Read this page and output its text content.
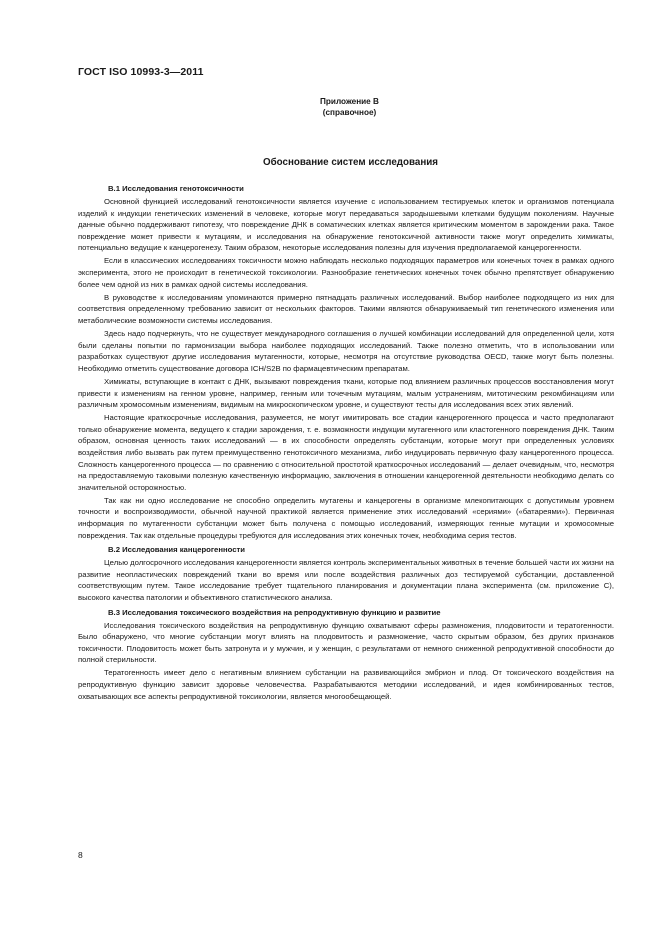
ГОСТ ISO 10993-3—2011
Приложение В
(справочное)
Обоснование систем исследования
В.1 Исследования генотоксичности

Основной функцией исследований генотоксичности является изучение с использованием тестируемых клеток и организмов потенциала изделий к индукции генетических изменений в человеке, которые могут передаваться зародышевыми клетками будущим поколениям. Научные данные обычно поддерживают гипотезу, что повреждение ДНК в соматических клетках является критическим моментом в зарождении рака. Такое повреждение может привести к мутациям, и исследования на обнаружение генотоксичной активности также могут определить химикаты, потенциально ведущие к канцерогенезу. Таким образом, некоторые исследования полезны для изучения предполагаемой канцерогенности.

Если в классических исследованиях токсичности можно наблюдать несколько подходящих параметров или конечных точек в рамках одного эксперимента, этого не происходит в генетической токсикологии. Разнообразие генетических конечных точек обычно препятствует обнаружению более чем одной из них в рамках одной системы исследования.

В руководстве к исследованиям упоминаются примерно пятнадцать различных исследований. Выбор наиболее подходящего из них для соответствия определенному требованию зависит от нескольких факторов. Такими являются обнаруживаемый тип генетического изменения или метаболические возможности системы исследования.

Здесь надо подчеркнуть, что не существует международного соглашения о лучшей комбинации исследований для определенной цели, хотя были сделаны попытки по гармонизации выбора наиболее подходящих исследований. Также полезно отметить, что в использовании или разработках существуют другие исследования мутагенности, которые, несмотря на отсутствие руководства OECD, также могут быть полезны. Необходимо отметить существование договора ICH/S2B по фармацевтическим препаратам.

Химикаты, вступающие в контакт с ДНК, вызывают повреждения ткани, которые под влиянием различных процессов восстановления могут привести к изменениям на генном уровне, например, генным или точечным мутациям, малым устранениям, митотическим рекомбинациям или различным хромосомным изменениям, видимым на микроскопическом уровне, и существуют тесты для исследования всех этих явлений.

Настоящие краткосрочные исследования, разумеется, не могут имитировать все стадии канцерогенного процесса и часто предполагают только обнаружение момента, ведущего к стадии зарождения, т. е. возможности индукции мутагенного или кластогенного повреждения ДНК. Таким образом, основная ценность таких исследований — в их способности определять субстанции, которые могут при определенных условиях воздействия либо вызвать рак путем преимущественно генотоксичного механизма, либо индуцировать первичную фазу канцерогенного процесса. Сложность канцерогенного процесса — по сравнению с относительной простотой краткосрочных исследований — делает очевидным, что, несмотря на предоставляемую таковыми полезную качественную информацию, заключения в отношении канцерогенной деятельности необходимо делать со значительной осторожностью.

Так как ни одно исследование не способно определить мутагены и канцерогены в организме млекопитающих с допустимым уровнем точности и воспроизводимости, обычной научной практикой является применение этих исследований «сериями» («батареями»). Первичная информация по мутагенности субстанции может быть получена с помощью исследований, измеряющих генные мутации и хромосомные повреждения. Так как отдельные процедуры требуются для исследования этих конечных точек, необходима серия тестов.

В.2 Исследования канцерогенности

Целью долгосрочного исследования канцерогенности является контроль экспериментальных животных в течение большей части их жизни на развитие неопластических повреждений ткани во время или после воздействия различных доз тестируемой субстанции, доставленной соответствующим путем. Такое исследование требует тщательного планирования и документации плана эксперимента (см. приложение С), высокого качества патологии и объективного статистического анализа.

В.3 Исследования токсического воздействия на репродуктивную функцию и развитие

Исследования токсического воздействия на репродуктивную функцию охватывают сферы размножения, плодовитости и тератогенности. Было обнаружено, что многие субстанции могут влиять на плодовитость и размножение, часто скрытым образом, без других признаков токсичности. Плодовитость может быть затронута и у мужчин, и у женщин, с результатами от немного сниженной репродуктивной способности до полной стерильности.

Тератогенность имеет дело с негативным влиянием субстанции на развивающийся эмбрион и плод. От токсического воздействия на репродуктивную функцию зависит здоровье человечества. Разрабатываются методики исследований, и идея комбинированных тестов, охватывающих все аспекты репродуктивной токсикологии, является многообещающей.

8
